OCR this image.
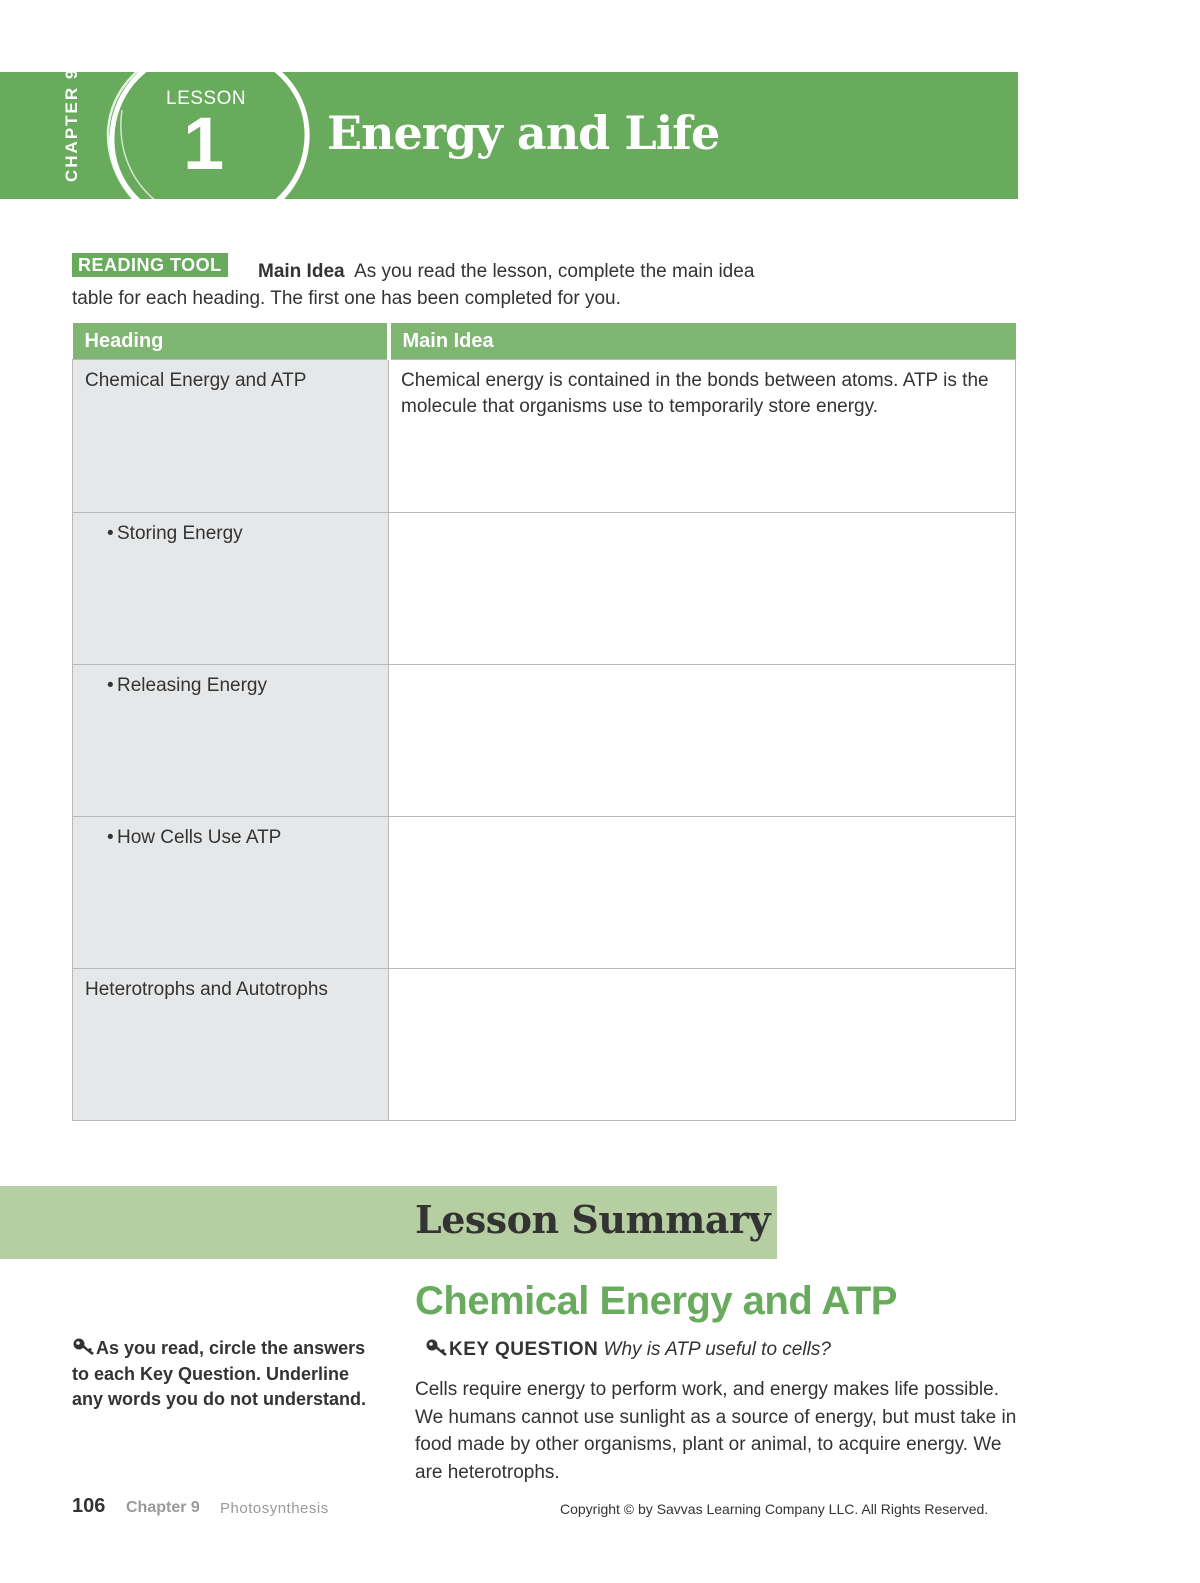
CHAPTER 9	LESSON
1 Energy and Life
Main Idea As you read the lesson, complete the main idea
table for each heading. The first one has been completed for you.
READING TOOL
Heading	Main Idea
Chemical Energy and ATP	Chemical energy is contained in the bonds between atoms. ATP is the molecule that organisms use to temporarily store energy.

• Storing Energy

• Releasing Energy

• How Cells Use ATP

Heterotrophs and Autotrophs	
Lesson Summary
Chemical Energy and ATP
KEY QUESTION Why is ATP useful to cells?
Cells require energy to perform work, and energy makes life possible. We humans cannot use sunlight as a source of energy, but must take in food made by other organisms, plant or animal, to acquire energy. We are heterotrophs.
As you read, circle the answers to each Key Question. Underline any words you do not understand.
106 Chapter 9 Photosynthesis	Copyright © by Savvas Learning Company LLC. All Rights Reserved.
